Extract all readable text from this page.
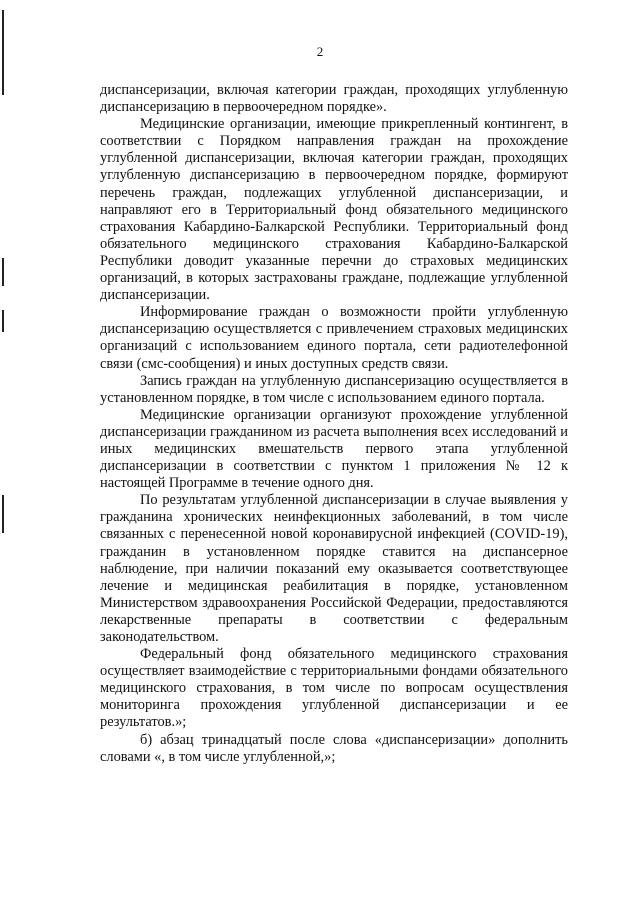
2

диспансеризации, включая категории граждан, проходящих углубленную диспансеризацию в первоочередном порядке».

Медицинские организации, имеющие прикрепленный контингент, в соответствии с Порядком направления граждан на прохождение углубленной диспансеризации, включая категории граждан, проходящих углубленную диспансеризацию в первоочередном порядке, формируют перечень граждан, подлежащих углубленной диспансеризации, и направляют его в Территориальный фонд обязательного медицинского страхования Кабардино-Балкарской Республики. Территориальный фонд обязательного медицинского страхования Кабардино-Балкарской Республики доводит указанные перечни до страховых медицинских организаций, в которых застрахованы граждане, подлежащие углубленной диспансеризации.

Информирование граждан о возможности пройти углубленную диспансеризацию осуществляется с привлечением страховых медицинских организаций с использованием единого портала, сети радиотелефонной связи (смс-сообщения) и иных доступных средств связи.

Запись граждан на углубленную диспансеризацию осуществляется в установленном порядке, в том числе с использованием единого портала.

Медицинские организации организуют прохождение углубленной диспансеризации гражданином из расчета выполнения всех исследований и иных медицинских вмешательств первого этапа углубленной диспансеризации в соответствии с пунктом 1 приложения № 12 к настоящей Программе в течение одного дня.

По результатам углубленной диспансеризации в случае выявления у гражданина хронических неинфекционных заболеваний, в том числе связанных с перенесенной новой коронавирусной инфекцией (COVID-19), гражданин в установленном порядке ставится на диспансерное наблюдение, при наличии показаний ему оказывается соответствующее лечение и медицинская реабилитация в порядке, установленном Министерством здравоохранения Российской Федерации, предоставляются лекарственные препараты в соответствии с федеральным законодательством.

Федеральный фонд обязательного медицинского страхования осуществляет взаимодействие с территориальными фондами обязательного медицинского страхования, в том числе по вопросам осуществления мониторинга прохождения углубленной диспансеризации и ее результатов.»;

б) абзац тринадцатый после слова «диспансеризации» дополнить словами «, в том числе углубленной,»;
